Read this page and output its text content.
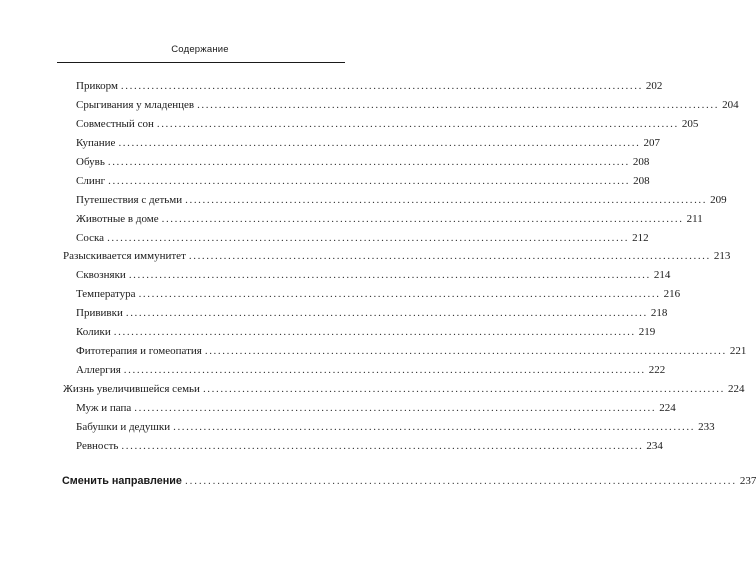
Содержание
Прикорм ........................................................................................................................ 202
Срыгивания у младенцев ........................................................................................................................ 204
Совместный сон ........................................................................................................................ 205
Купание ........................................................................................................................ 207
Обувь ........................................................................................................................ 208
Слинг ........................................................................................................................ 208
Путешествия с детьми ........................................................................................................................ 209
Животные в доме ........................................................................................................................ 211
Соска ........................................................................................................................ 212
Разыскивается иммунитет ........................................................................................................................ 213
Сквозняки ........................................................................................................................ 214
Температура ........................................................................................................................ 216
Прививки ........................................................................................................................ 218
Колики ........................................................................................................................ 219
Фитотерапия и гомеопатия ........................................................................................................................ 221
Аллергия ........................................................................................................................ 222
Жизнь увеличившейся семьи ........................................................................................................................ 224
Муж и папа ........................................................................................................................ 224
Бабушки и дедушки ........................................................................................................................ 233
Ревность ........................................................................................................................ 234
Сменить направление ........................................................................................................................ 237
